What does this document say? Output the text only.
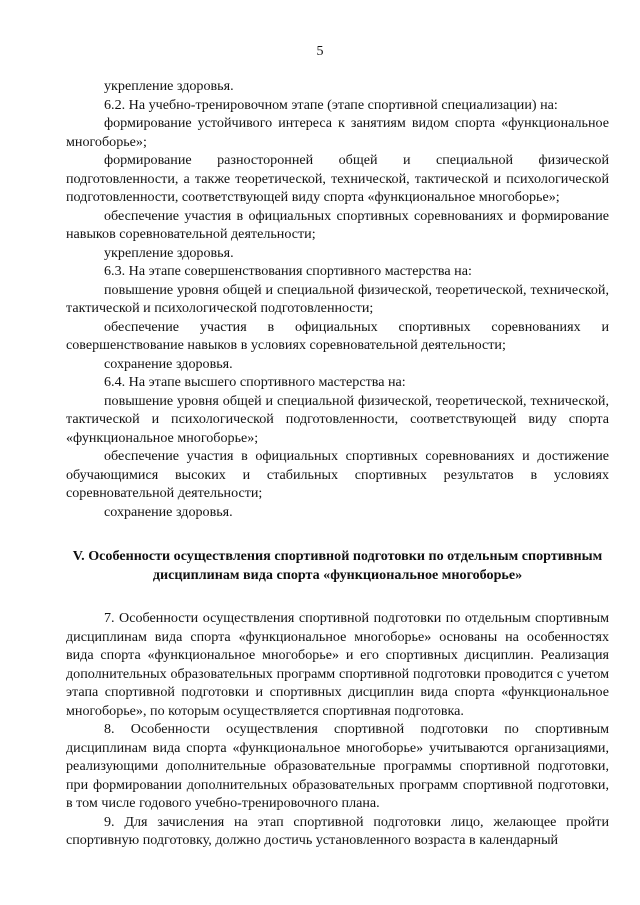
5

укрепление здоровья.

6.2. На учебно-тренировочном этапе (этапе спортивной специализации) на:

формирование устойчивого интереса к занятиям видом спорта «функциональное многоборье»;

формирование разносторонней общей и специальной физической подготовленности, а также теоретической, технической, тактической и психологической подготовленности, соответствующей виду спорта «функциональное многоборье»;

обеспечение участия в официальных спортивных соревнованиях и формирование навыков соревновательной деятельности;

укрепление здоровья.

6.3. На этапе совершенствования спортивного мастерства на:

повышение уровня общей и специальной физической, теоретической, технической, тактической и психологической подготовленности;

обеспечение участия в официальных спортивных соревнованиях и совершенствование навыков в условиях соревновательной деятельности;

сохранение здоровья.

6.4. На этапе высшего спортивного мастерства на:

повышение уровня общей и специальной физической, теоретической, технической, тактической и психологической подготовленности, соответствующей виду спорта «функциональное многоборье»;

обеспечение участия в официальных спортивных соревнованиях и достижение обучающимися высоких и стабильных спортивных результатов в условиях соревновательной деятельности;

сохранение здоровья.

V. Особенности осуществления спортивной подготовки по отдельным спортивным дисциплинам вида спорта «функциональное многоборье»

7. Особенности осуществления спортивной подготовки по отдельным спортивным дисциплинам вида спорта «функциональное многоборье» основаны на особенностях вида спорта «функциональное многоборье» и его спортивных дисциплин. Реализация дополнительных образовательных программ спортивной подготовки проводится с учетом этапа спортивной подготовки и спортивных дисциплин вида спорта «функциональное многоборье», по которым осуществляется спортивная подготовка.

8. Особенности осуществления спортивной подготовки по спортивным дисциплинам вида спорта «функциональное многоборье» учитываются организациями, реализующими дополнительные образовательные программы спортивной подготовки, при формировании дополнительных образовательных программ спортивной подготовки, в том числе годового учебно-тренировочного плана.

9. Для зачисления на этап спортивной подготовки лицо, желающее пройти спортивную подготовку, должно достичь установленного возраста в календарный
